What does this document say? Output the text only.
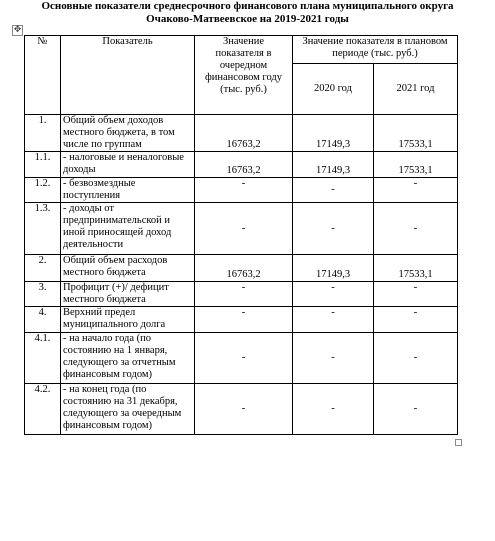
Основные показатели среднесрочного финансового плана муниципального округа
Очаково-Матвеевское на 2019-2021 годы
✥
№	Показатель	Значение показателя в очередном финансовом году (тыс. руб.)	Значение показателя в плановом периоде (тыс. руб.)	
			2020 год	2021 год
1.	Общий объем доходов местного бюджета, в том числе по группам	16763,2	17149,3	17533,1
1.1.	- налоговые и неналоговые доходы	16763,2	17149,3	17533,1
1.2.	- безвозмездные поступления	-	-	-
1.3.	- доходы от предпринимательской и иной приносящей доход деятельности	-	-	-
2.	Общий объем расходов местного бюджета	16763,2	17149,3	17533,1
3.	Профицит (+)/ дефицит местного бюджета	-	-	-
4.	Верхний предел муниципального долга	-	-	-
4.1.	- на начало года (по состоянию на 1 января, следующего за отчетным финансовым годом)	-	-	-
4.2.	- на конец года (по состоянию на 31 декабря, следующего за очередным финансовым годом)	-	-	-
